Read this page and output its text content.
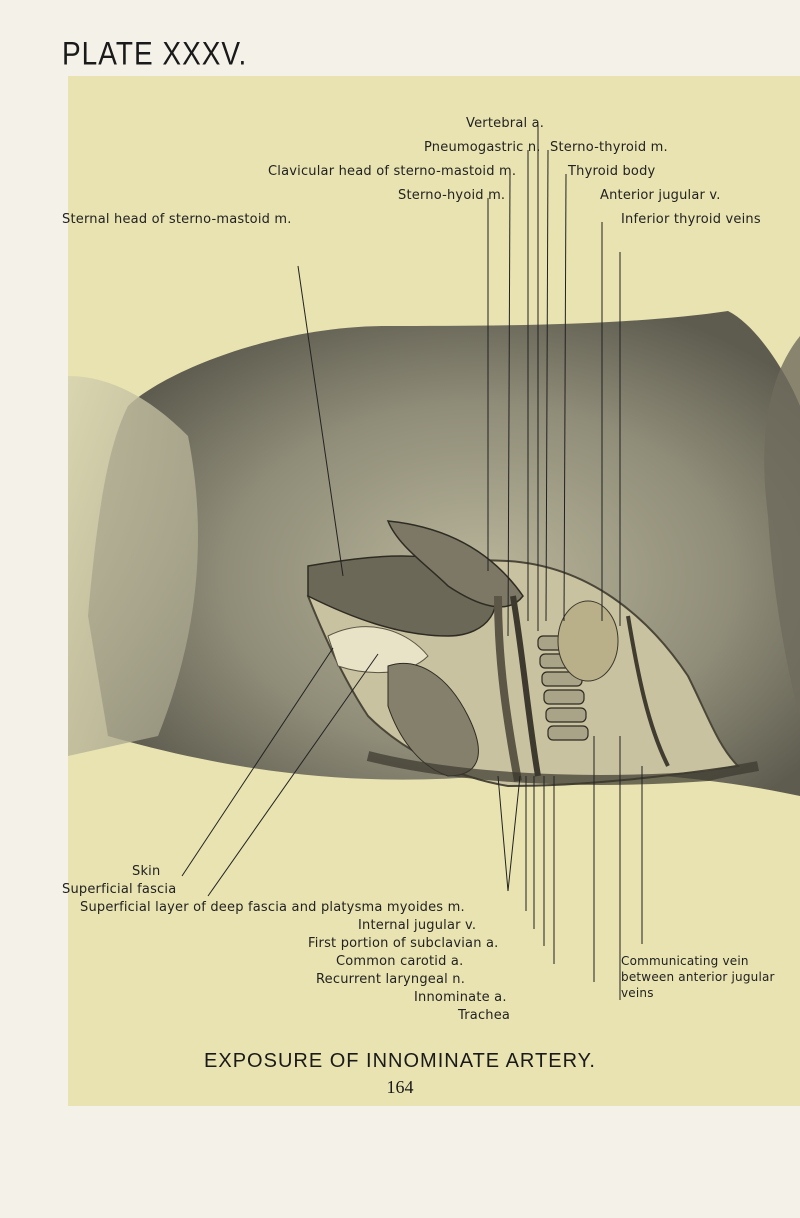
PLATE XXXV.
Vertebral a.
Pneumogastric n. Sterno-thyroid m.
Clavicular head of sterno-mastoid m.	Thyroid body
Sterno-hyoid m.	Anterior jugular v.
Sternal head of sterno-mastoid m.	Inferior thyroid veins
Skin
Superficial fascia
Superficial layer of deep fascia and platysma myoides m.
Internal jugular v.
First portion of subclavian a.
Common carotid a.
Recurrent laryngeal n.
Innominate a.
Trachea
Communicating vein
between anterior jugular
veins
EXPOSURE OF INNOMINATE ARTERY.
164
